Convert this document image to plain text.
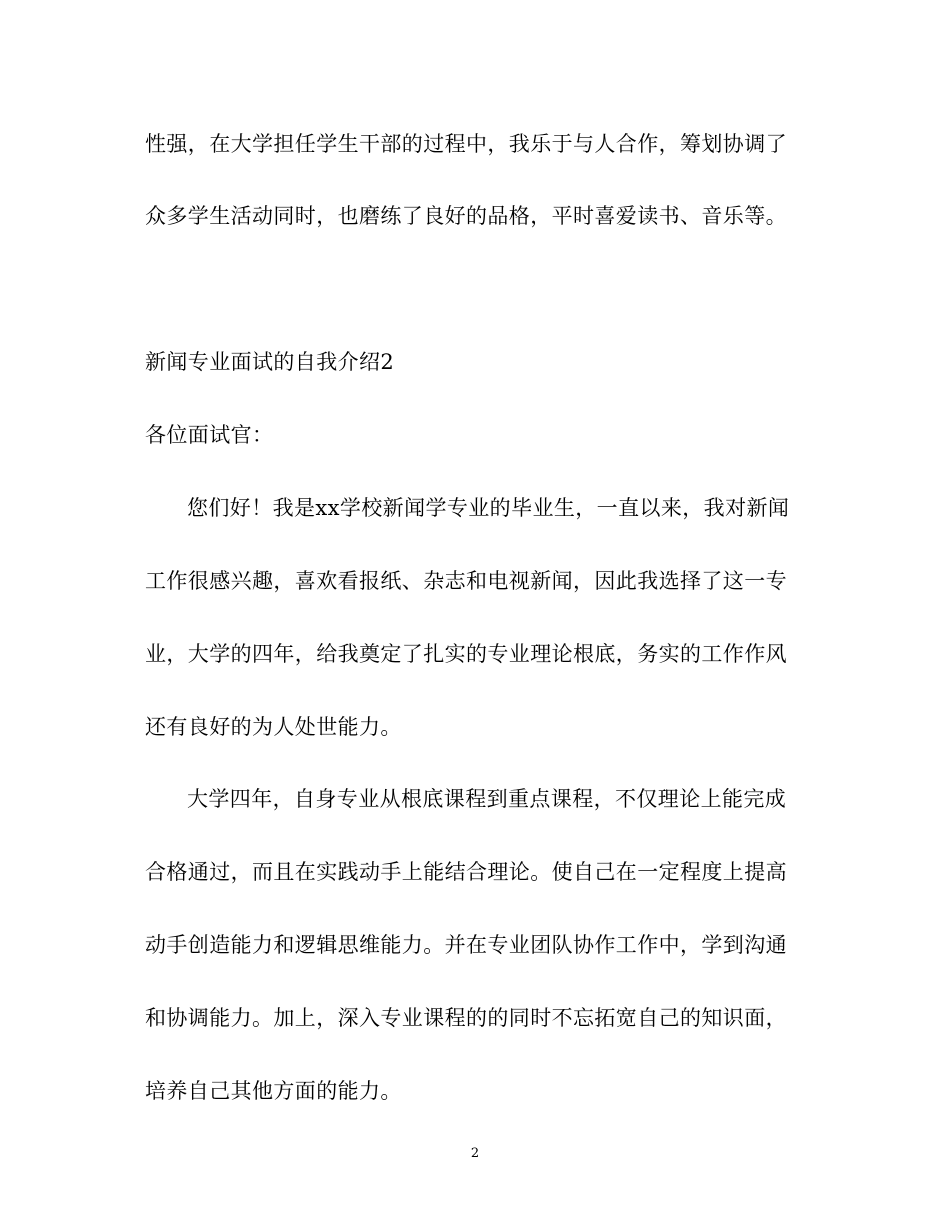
性强，在大学担任学生干部的过程中，我乐于与人合作，筹划协调了
众多学生活动同时，也磨练了良好的品格，平时喜爱读书、音乐等。
新闻专业面试的自我介绍2
各位面试官：
您们好！我是xx学校新闻学专业的毕业生，一直以来，我对新闻
工作很感兴趣，喜欢看报纸、杂志和电视新闻，因此我选择了这一专
业，大学的四年，给我奠定了扎实的专业理论根底，务实的工作作风
还有良好的为人处世能力。
大学四年，自身专业从根底课程到重点课程，不仅理论上能完成
合格通过，而且在实践动手上能结合理论。使自己在一定程度上提高
动手创造能力和逻辑思维能力。并在专业团队协作工作中，学到沟通
和协调能力。加上，深入专业课程的的同时不忘拓宽自己的知识面，
培养自己其他方面的能力。
2
